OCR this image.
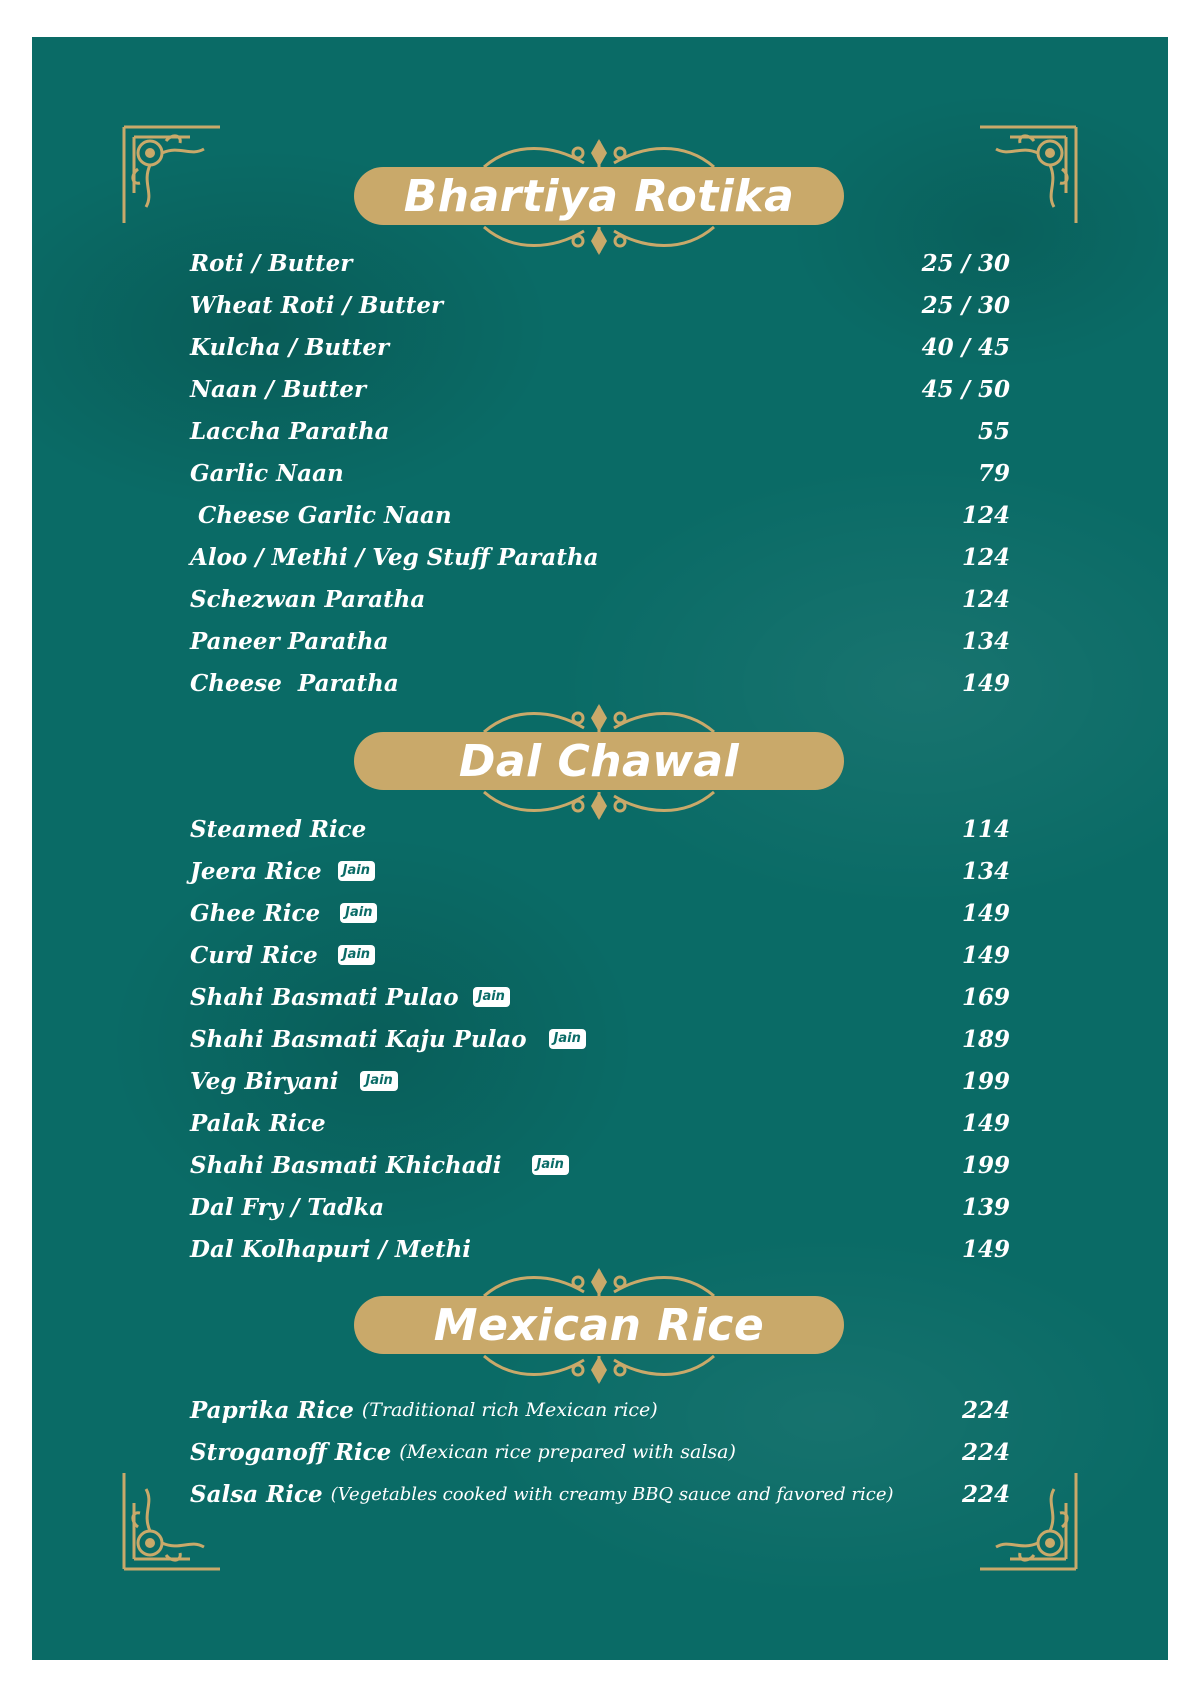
Bhartiya Rotika
Roti / Butter	25 / 30
Wheat Roti / Butter	25 / 30
Kulcha / Butter	40 / 45
Naan / Butter	45 / 50
Laccha Paratha	55
Garlic Naan	79
Cheese Garlic Naan	124
Aloo / Methi / Veg Stuff Paratha	124
Schezwan Paratha	124
Paneer Paratha	134
Cheese  Paratha	149
Dal Chawal
Steamed Rice	114
Jeera Rice	Jain	134
Ghee Rice	Jain	149
Curd Rice	Jain	149
Shahi Basmati Pulao	Jain	169
Shahi Basmati Kaju Pulao	Jain	189
Veg Biryani	Jain	199
Palak Rice	149
Shahi Basmati Khichadi	Jain	199
Dal Fry / Tadka	139
Dal Kolhapuri / Methi	149
Mexican Rice
Paprika Rice (Traditional rich Mexican rice)	224
Stroganoff Rice (Mexican rice prepared with salsa)	224
Salsa Rice (Vegetables cooked with creamy BBQ sauce and favored rice)	224
